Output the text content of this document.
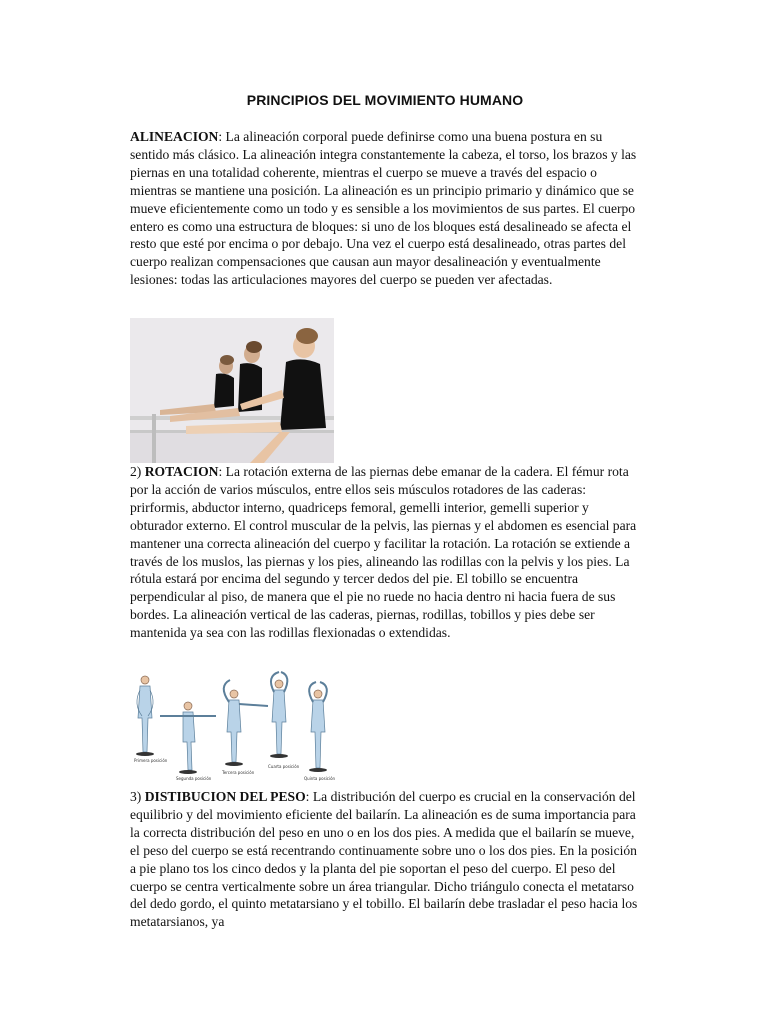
PRINCIPIOS DEL MOVIMIENTO HUMANO

ALINEACION: La alineación corporal puede definirse como una buena postura en su sentido más clásico. La alineación integra constantemente la cabeza, el torso, los brazos y las piernas en una totalidad coherente, mientras el cuerpo se mueve a través del espacio o mientras se mantiene una posición. La alineación es un principio primario y dinámico que se mueve eficientemente como un todo y es sensible a los movimientos de sus partes. El cuerpo entero es como una estructura de bloques: si uno de los bloques está desalineado se afecta el resto que esté por encima o por debajo. Una vez el cuerpo está desalineado, otras partes del cuerpo realizan compensaciones que causan aun mayor desalineación y eventualmente lesiones: todas las articulaciones mayores del cuerpo se pueden ver afectadas.

2) ROTACION: La rotación externa de las piernas debe emanar de la cadera. El fémur rota por la acción de varios músculos, entre ellos seis músculos rotadores de las caderas: prirformis, abductor interno, quadriceps femoral, gemelli interior, gemelli superior y obturador externo. El control muscular de la pelvis, las piernas y el abdomen es esencial para mantener una correcta alineación del cuerpo y facilitar la rotación. La rotación se extiende a través de los muslos, las piernas y los pies, alineando las rodillas con la pelvis y los pies. La rótula estará por encima del segundo y tercer dedos del pie. El tobillo se encuentra perpendicular al piso, de manera que el pie no ruede no hacia dentro ni hacia fuera de sus bordes. La alineación vertical de las caderas, piernas, rodillas, tobillos y pies debe ser mantenida ya sea con las rodillas flexionadas o extendidas.

Primera posición
Segunda posición
Tercera posición
Cuarta posición
Quinta posición

3) DISTIBUCION DEL PESO: La distribución del cuerpo es crucial en la conservación del equilibrio y del movimiento eficiente del bailarín. La alineación es de suma importancia para la correcta distribución del peso en uno o en los dos pies. A medida que el bailarín se mueve, el peso del cuerpo se está recentrando continuamente sobre uno o los dos pies. En la posición a pie plano tos los cinco dedos y la planta del pie soportan el peso del cuerpo. El peso del cuerpo se centra verticalmente sobre un área triangular. Dicho triángulo conecta el metatarso del dedo gordo, el quinto metatarsiano y el tobillo. El bailarín debe trasladar el peso hacia los metatarsianos, ya
